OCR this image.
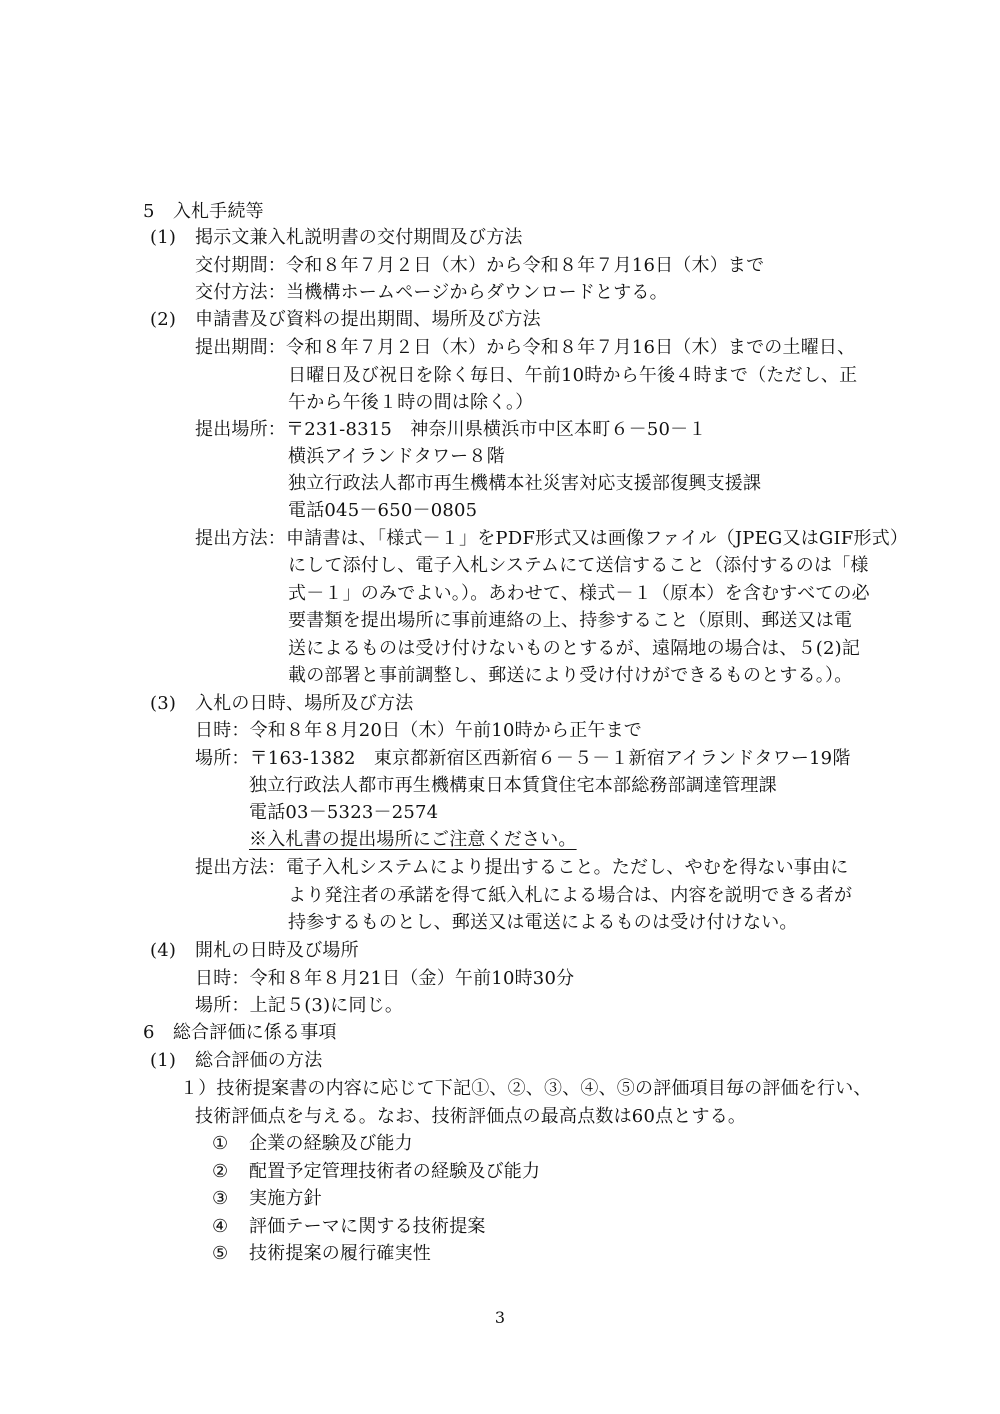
5　入札手続等
(1) 掲示文兼入札説明書の交付期間及び方法
交付期間：令和８年７月２日（木）から令和８年７月16日（木）まで
交付方法：当機構ホームページからダウンロードとする。
(2) 申請書及び資料の提出期間、場所及び方法
提出期間：令和８年７月２日（木）から令和８年７月16日（木）までの土曜日、
日曜日及び祝日を除く毎日、午前10時から午後４時まで（ただし、正
午から午後１時の間は除く。）
提出場所：〒231-8315　神奈川県横浜市中区本町６－50－１
横浜アイランドタワー８階
独立行政法人都市再生機構本社災害対応支援部復興支援課
電話045－650－0805
提出方法：申請書は、「様式－１」をPDF形式又は画像ファイル（JPEG又はGIF形式）
にして添付し、電子入札システムにて送信すること（添付するのは「様
式－１」のみでよい。）。あわせて、様式－１（原本）を含むすべての必
要書類を提出場所に事前連絡の上、持参すること（原則、郵送又は電
送によるものは受け付けないものとするが、遠隔地の場合は、５(2)記
載の部署と事前調整し、郵送により受け付けができるものとする。）。
(3) 入札の日時、場所及び方法
日時：令和８年８月20日（木）午前10時から正午まで
場所：〒163-1382　東京都新宿区西新宿６－５－１新宿アイランドタワー19階
独立行政法人都市再生機構東日本賃貸住宅本部総務部調達管理課
電話03－5323－2574
※入札書の提出場所にご注意ください。
提出方法：電子入札システムにより提出すること。ただし、やむを得ない事由に
より発注者の承諾を得て紙入札による場合は、内容を説明できる者が
持参するものとし、郵送又は電送によるものは受け付けない。
(4) 開札の日時及び場所
日時：令和８年８月21日（金）午前10時30分
場所：上記５(3)に同じ。
6　総合評価に係る事項
(1) 総合評価の方法
１）技術提案書の内容に応じて下記①、②、③、④、⑤の評価項目毎の評価を行い、
技術評価点を与える。なお、技術評価点の最高点数は60点とする。
① 企業の経験及び能力
② 配置予定管理技術者の経験及び能力
③ 実施方針
④ 評価テーマに関する技術提案
⑤ 技術提案の履行確実性
3
